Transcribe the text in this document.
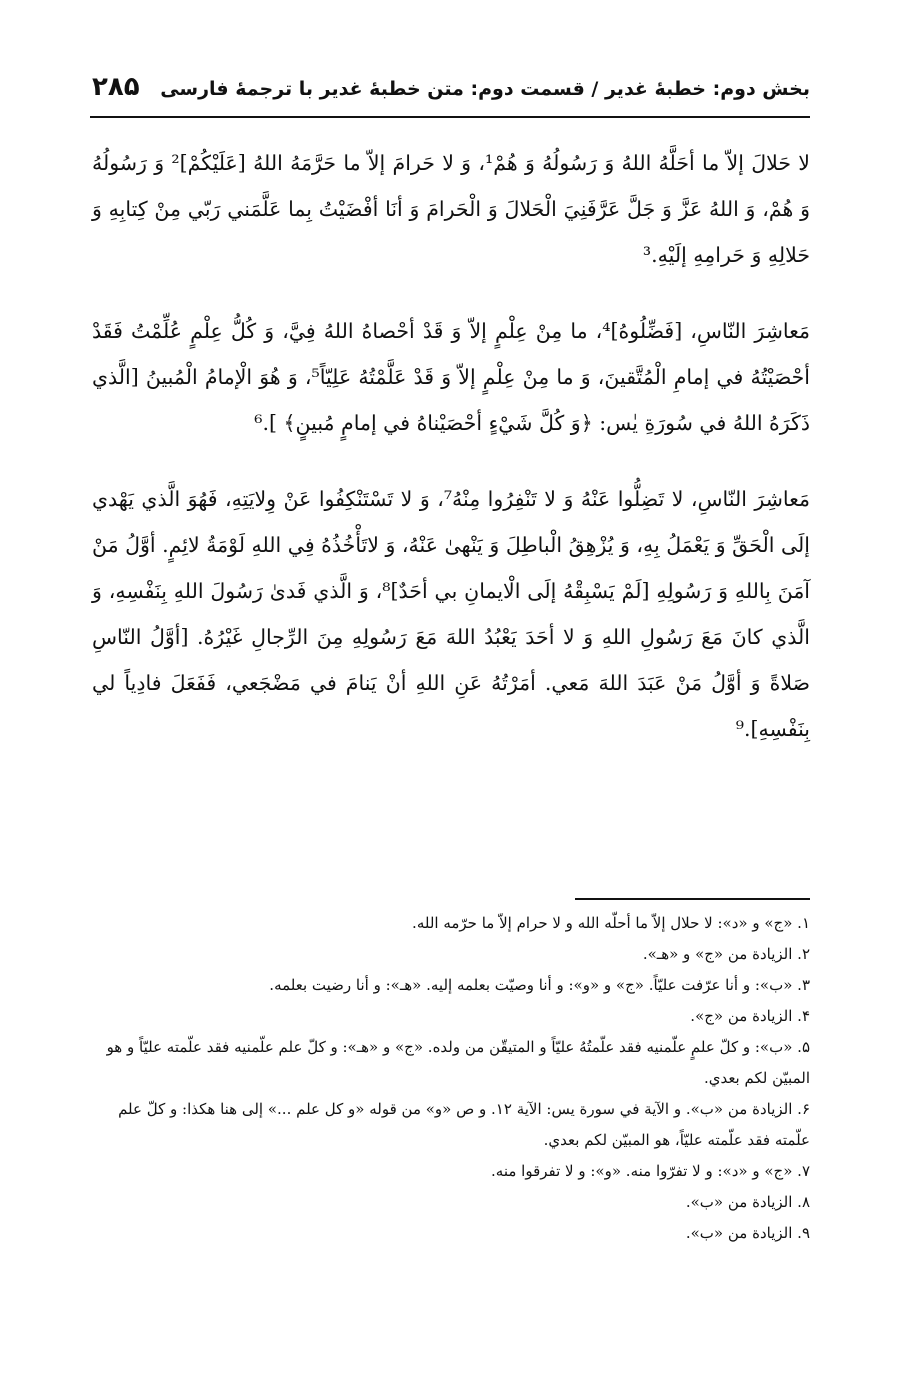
بخش دوم: خطبۀ غدیر / قسمت دوم: متن خطبۀ غدیر با ترجمۀ فارسی
۲۸۵

لا حَلالَ إلاّ ما أحَلَّهُ اللهُ وَ رَسُولُهُ وَ هُمْ¹، وَ لا حَرامَ إلاّ ما حَرَّمَهُ اللهُ [عَلَيْكُمْ]² وَ رَسُولُهُ وَ هُمْ، وَ اللهُ عَزَّ وَ جَلَّ عَرَّفَنِيَ الْحَلالَ وَ الْحَرامَ وَ أنَا أفْضَيْتُ بِما عَلَّمَني رَبّي مِنْ كِتابِهِ وَ حَلالِهِ وَ حَرامِهِ إلَيْهِ.³

مَعاشِرَ النّاسِ، [فَضِّلُوهُ]⁴، ما مِنْ عِلْمٍ إلاّ وَ قَدْ أحْصاهُ اللهُ فِيَّ، وَ كُلُّ عِلْمٍ عُلِّمْتُ فَقَدْ أحْصَيْتُهُ في إمامِ الْمُتَّقينَ، وَ ما مِنْ عِلْمٍ إلاّ وَ قَدْ عَلَّمْتُهُ عَلِيّاً⁵، وَ هُوَ الْإمامُ الْمُبينُ [الَّذي ذَكَرَهُ اللهُ في سُورَةِ يٰس: ﴿وَ كُلَّ شَيْءٍ أحْصَيْناهُ في إمامٍ مُبينٍ﴾ ].⁶

مَعاشِرَ النّاسِ، لا تَضِلُّوا عَنْهُ وَ لا تَنْفِرُوا مِنْهُ⁷، وَ لا تَسْتَنْكِفُوا عَنْ وِلايَتِهِ، فَهُوَ الَّذي يَهْدي إلَى الْحَقِّ وَ يَعْمَلُ بِهِ، وَ يُزْهِقُ الْباطِلَ وَ يَنْهىٰ عَنْهُ، وَ لاتَأْخُذُهُ فِي اللهِ لَوْمَةُ لائِمٍ. أوَّلُ مَنْ آمَنَ بِاللهِ وَ رَسُولِهِ [لَمْ يَسْبِقْهُ إلَى الْايمانِ بي أحَدٌ]⁸، وَ الَّذي فَدىٰ رَسُولَ اللهِ بِنَفْسِهِ، وَ الَّذي كانَ مَعَ رَسُولِ اللهِ وَ لا أحَدَ يَعْبُدُ اللهَ مَعَ رَسُولِهِ مِنَ الرِّجالِ غَيْرُهُ. [أوَّلُ النّاسِ صَلاةً وَ أوَّلُ مَنْ عَبَدَ اللهَ مَعي. أمَرْتُهُ عَنِ اللهِ أنْ يَنامَ في مَضْجَعي، فَفَعَلَ فادِياً لي بِنَفْسِهِ].⁹

۱. «ج» و «د»: لا حلال إلاّ ما أحلّه الله و لا حرام إلاّ ما حرّمه الله.

۲. الزيادة من «ج» و «هـ».

۳. «ب»: و أنا عرّفت عليّاً. «ج» و «و»: و أنا وصيّت بعلمه إليه. «هـ»: و أنا رضيت بعلمه.

۴. الزيادة من «ج».

۵. «ب»: و كلّ علمٍ علّمنيه فقد علّمتُهُ عليّاً و المتيقّن من ولده. «ج» و «هـ»: و كلّ علم علّمنيه فقد علّمته عليّاً و هو المبيّن لكم بعدي.

۶. الزيادة من «ب». و الآية في سورة يس: الآية ۱۲. و ص «و» من قوله «و كل علم ...» إلى هنا هكذا: و كلّ علم علّمته فقد علّمته عليّاً، هو المبيّن لكم بعدي.

۷. «ج» و «د»: و لا تفرّوا منه. «و»: و لا تفرقوا منه.

۸. الزيادة من «ب».

۹. الزيادة من «ب».
